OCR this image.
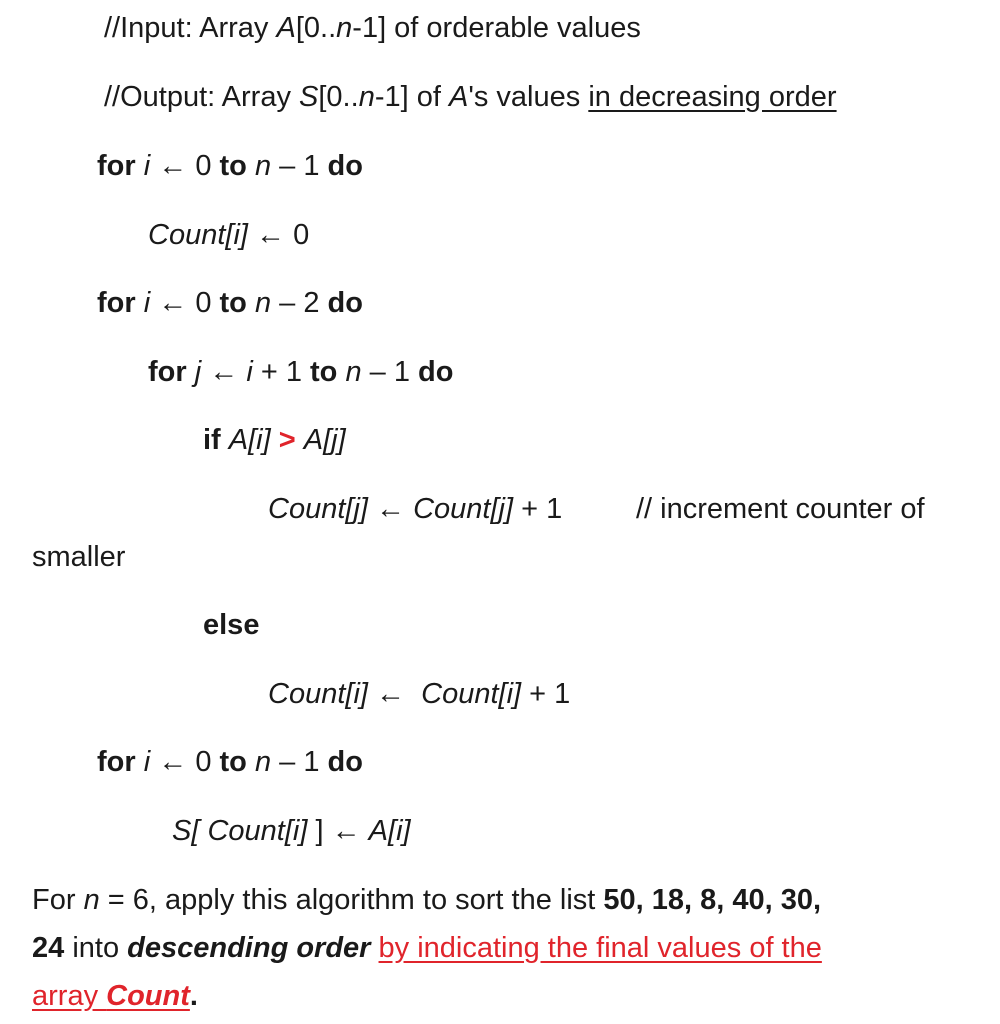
//Input: Array A[0..n-1] of orderable values
//Output: Array S[0..n-1] of A's values in decreasing order
for i ← 0 to n – 1 do
Count[i] ← 0
for i ← 0 to n – 2 do
for j ← i + 1 to n – 1 do
if A[i] > A[j]
Count[j] ← Count[j] + 1	// increment counter of
smaller
else
Count[i] ← Count[i] + 1
for i ← 0 to n – 1 do
S[ Count[i] ] ← A[i]
For n = 6, apply this algorithm to sort the list 50, 18, 8, 40, 30,
24 into descending order by indicating the final values of the
array Count.
